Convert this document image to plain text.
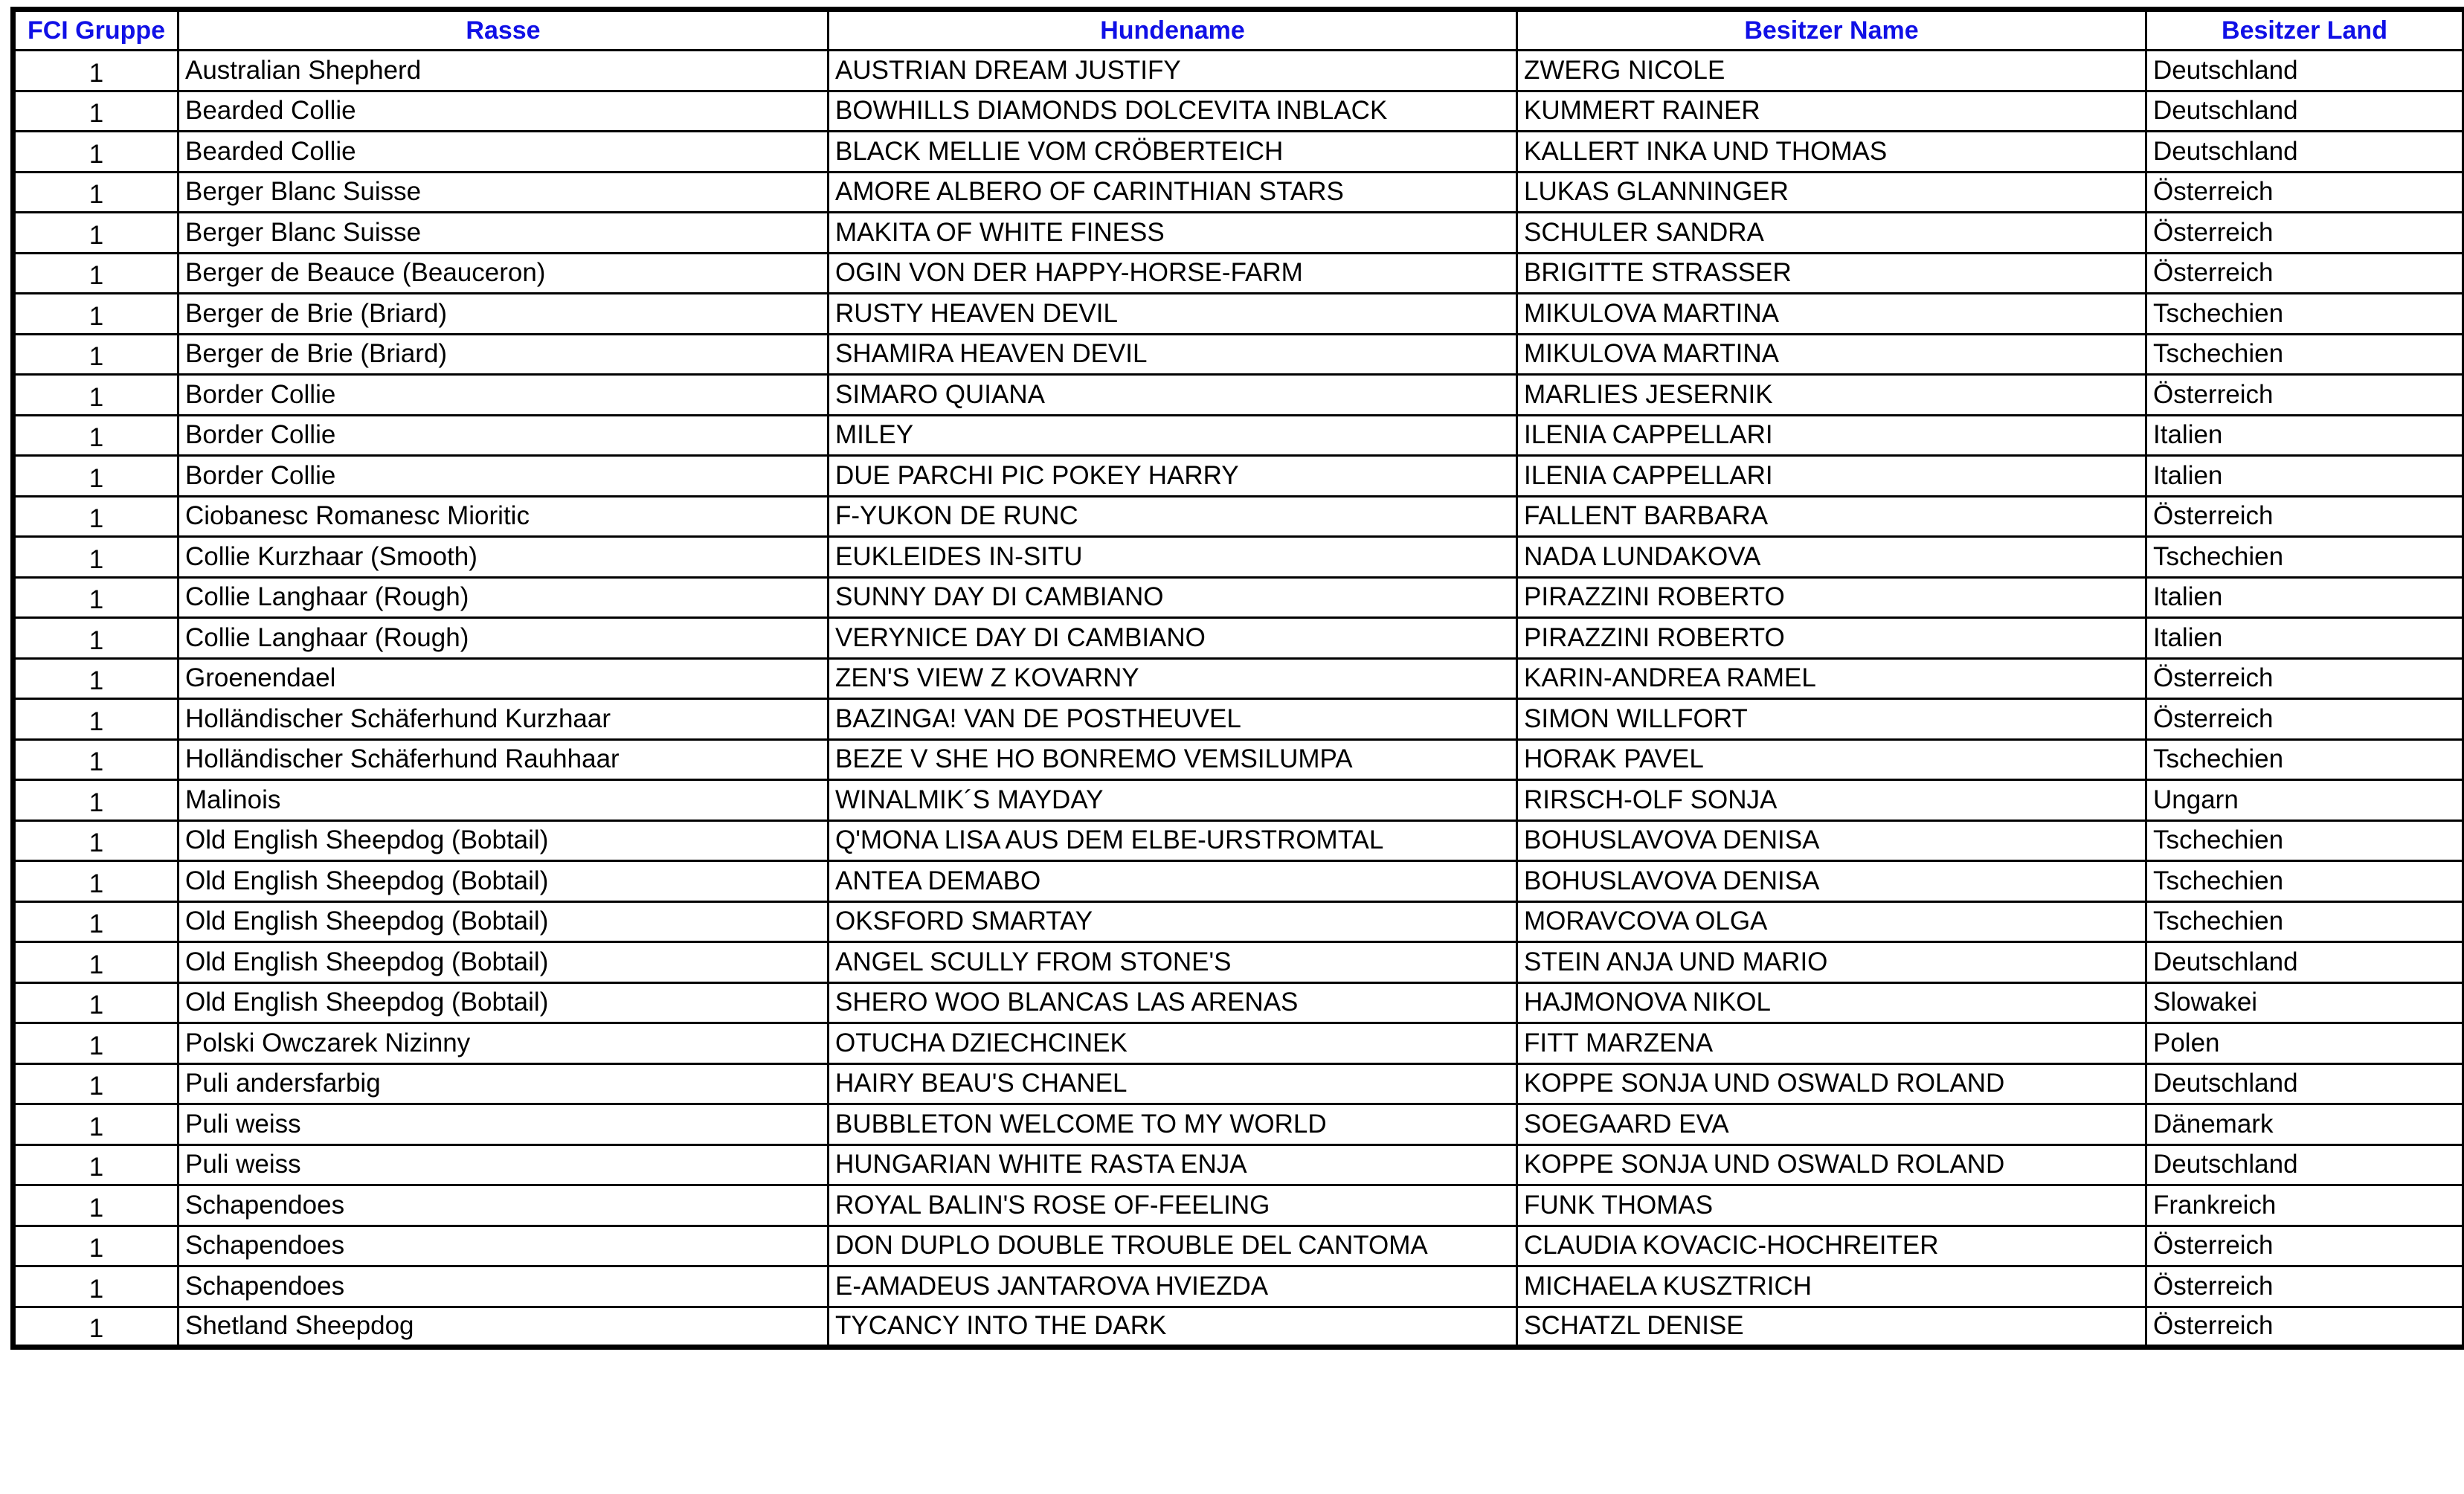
FCI Gruppe	Rasse	Hundename	Besitzer Name	Besitzer Land
1	Australian Shepherd	AUSTRIAN DREAM JUSTIFY	ZWERG NICOLE	Deutschland
1	Bearded Collie	BOWHILLS DIAMONDS DOLCEVITA INBLACK	KUMMERT RAINER	Deutschland
1	Bearded Collie	BLACK MELLIE VOM CRÖBERTEICH	KALLERT INKA UND THOMAS	Deutschland
1	Berger Blanc Suisse	AMORE ALBERO OF CARINTHIAN STARS	LUKAS GLANNINGER	Österreich
1	Berger Blanc Suisse	MAKITA OF WHITE FINESS	SCHULER SANDRA	Österreich
1	Berger de Beauce (Beauceron)	OGIN VON DER HAPPY-HORSE-FARM	BRIGITTE STRASSER	Österreich
1	Berger de Brie (Briard)	RUSTY HEAVEN DEVIL	MIKULOVA MARTINA	Tschechien
1	Berger de Brie (Briard)	SHAMIRA HEAVEN DEVIL	MIKULOVA MARTINA	Tschechien
1	Border Collie	SIMARO QUIANA	MARLIES JESERNIK	Österreich
1	Border Collie	MILEY	ILENIA CAPPELLARI	Italien
1	Border Collie	DUE PARCHI PIC POKEY HARRY	ILENIA CAPPELLARI	Italien
1	Ciobanesc Romanesc Mioritic	F-YUKON DE RUNC	FALLENT BARBARA	Österreich
1	Collie Kurzhaar (Smooth)	EUKLEIDES IN-SITU	NADA LUNDAKOVA	Tschechien
1	Collie Langhaar (Rough)	SUNNY DAY DI CAMBIANO	PIRAZZINI ROBERTO	Italien
1	Collie Langhaar (Rough)	VERYNICE DAY DI CAMBIANO	PIRAZZINI ROBERTO	Italien
1	Groenendael	ZEN'S VIEW Z KOVARNY	KARIN-ANDREA RAMEL	Österreich
1	Holländischer Schäferhund Kurzhaar	BAZINGA! VAN DE POSTHEUVEL	SIMON WILLFORT	Österreich
1	Holländischer Schäferhund Rauhhaar	BEZE V SHE HO BONREMO VEMSILUMPA	HORAK PAVEL	Tschechien
1	Malinois	WINALMIK´S MAYDAY	RIRSCH-OLF SONJA	Ungarn
1	Old English Sheepdog (Bobtail)	Q'MONA LISA AUS DEM ELBE-URSTROMTAL	BOHUSLAVOVA DENISA	Tschechien
1	Old English Sheepdog (Bobtail)	ANTEA DEMABO	BOHUSLAVOVA DENISA	Tschechien
1	Old English Sheepdog (Bobtail)	OKSFORD SMARTAY	MORAVCOVA OLGA	Tschechien
1	Old English Sheepdog (Bobtail)	ANGEL SCULLY FROM STONE'S	STEIN ANJA UND MARIO	Deutschland
1	Old English Sheepdog (Bobtail)	SHERO WOO BLANCAS LAS ARENAS	HAJMONOVA NIKOL	Slowakei
1	Polski Owczarek Nizinny	OTUCHA DZIECHCINEK	FITT MARZENA	Polen
1	Puli andersfarbig	HAIRY BEAU'S CHANEL	KOPPE SONJA UND OSWALD ROLAND	Deutschland
1	Puli weiss	BUBBLETON WELCOME TO MY WORLD	SOEGAARD EVA	Dänemark
1	Puli weiss	HUNGARIAN WHITE RASTA ENJA	KOPPE SONJA UND OSWALD ROLAND	Deutschland
1	Schapendoes	ROYAL BALIN'S ROSE OF-FEELING	FUNK THOMAS	Frankreich
1	Schapendoes	DON DUPLO DOUBLE TROUBLE DEL CANTOMA	CLAUDIA KOVACIC-HOCHREITER	Österreich
1	Schapendoes	E-AMADEUS JANTAROVA HVIEZDA	MICHAELA KUSZTRICH	Österreich
1	Shetland Sheepdog	TYCANCY INTO THE DARK	SCHATZL DENISE	Österreich
